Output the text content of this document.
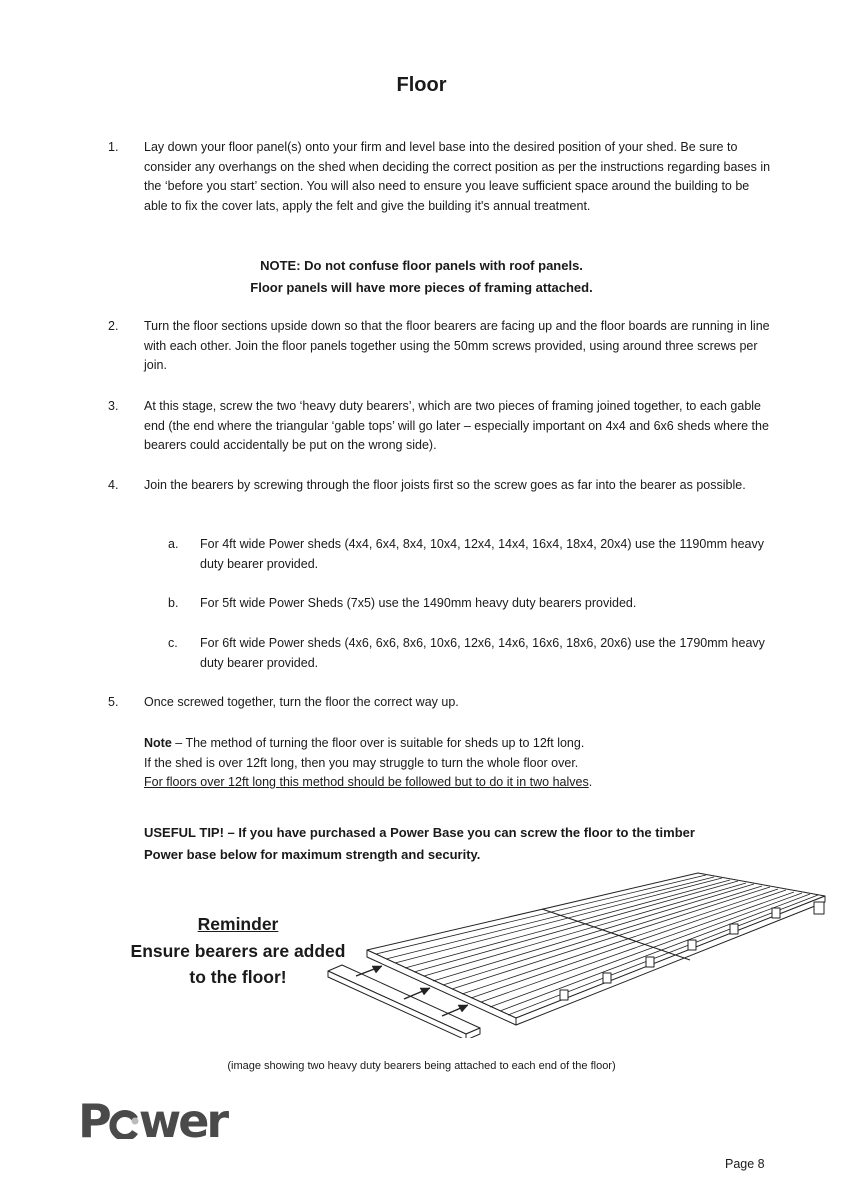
Floor
1. Lay down your floor panel(s) onto your firm and level base into the desired position of your shed. Be sure to consider any overhangs on the shed when deciding the correct position as per the instructions regarding bases in the ‘before you start’ section. You will also need to ensure you leave sufficient space around the building to be able to fix the cover lats, apply the felt and give the building it's annual treatment.
NOTE: Do not confuse floor panels with roof panels.
Floor panels will have more pieces of framing attached.
2. Turn the floor sections upside down so that the floor bearers are facing up and the floor boards are running in line with each other. Join the floor panels together using the 50mm screws provided, using around three screws per join.
3. At this stage, screw the two ‘heavy duty bearers’, which are two pieces of framing joined together, to each gable end (the end where the triangular ‘gable tops’ will go later – especially important on 4x4 and 6x6 sheds where the bearers could accidentally be put on the wrong side).
4. Join the bearers by screwing through the floor joists first so the screw goes as far into the bearer as possible.
a. For 4ft wide Power sheds (4x4, 6x4, 8x4, 10x4, 12x4, 14x4, 16x4, 18x4, 20x4) use the 1190mm heavy duty bearer provided.
b. For 5ft wide Power Sheds (7x5) use the 1490mm heavy duty bearers provided.
c. For 6ft wide Power sheds (4x6, 6x6, 8x6, 10x6, 12x6, 14x6, 16x6, 18x6, 20x6) use the 1790mm heavy duty bearer provided.
5. Once screwed together, turn the floor the correct way up.
Note – The method of turning the floor over is suitable for sheds up to 12ft long.
If the shed is over 12ft long, then you may struggle to turn the whole floor over.
For floors over 12ft long this method should be followed but to do it in two halves.
USEFUL TIP! – If you have purchased a Power Base you can screw the floor to the timber
Power base below for maximum strength and security.
Reminder
Ensure bearers are added
to the floor!
(image showing two heavy duty bearers being attached to each end of the floor)
P wer
Page 8
